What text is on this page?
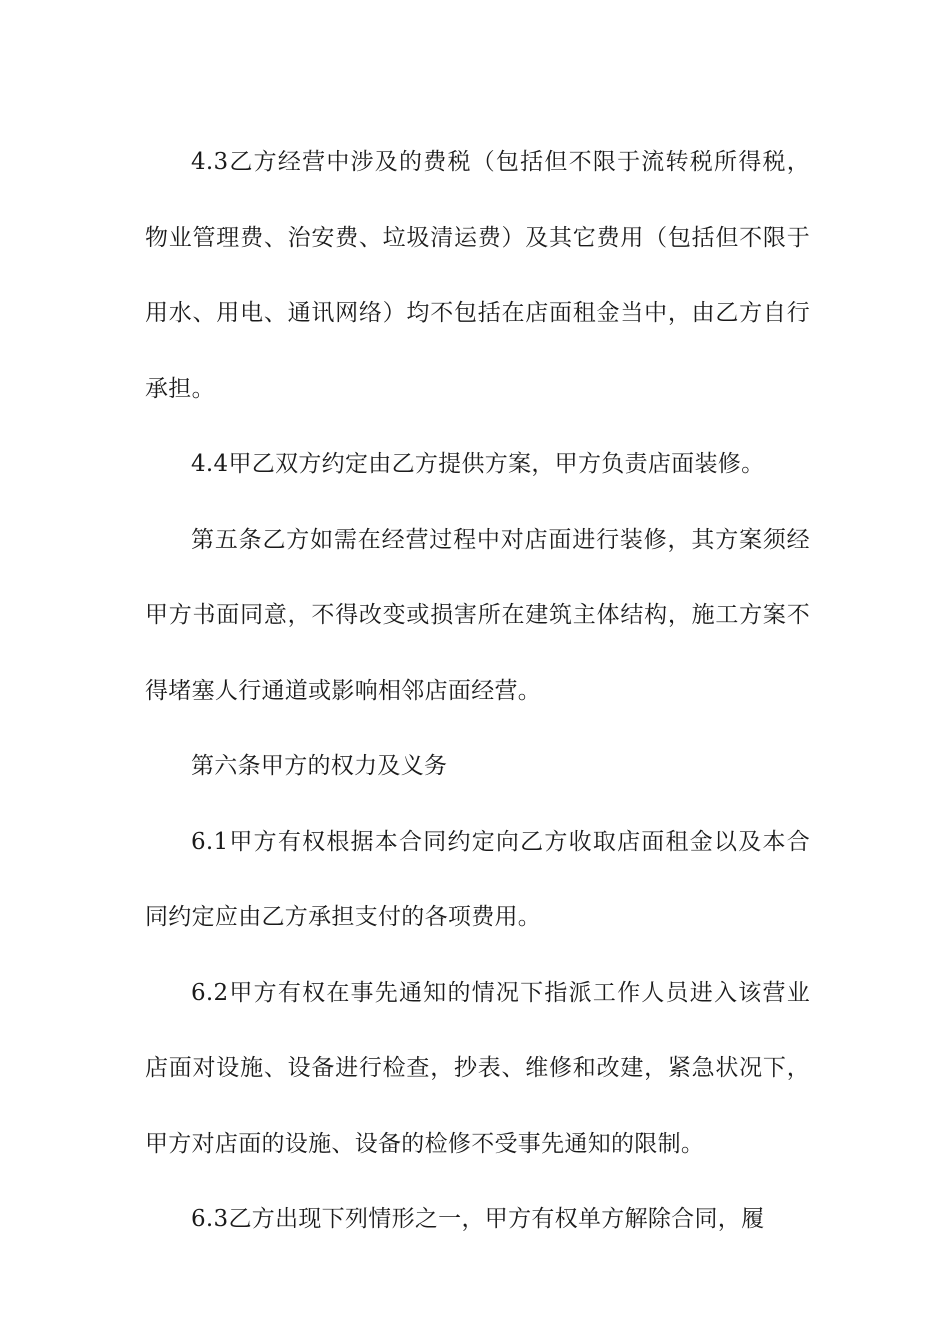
4.3乙方经营中涉及的费税（包括但不限于流转税所得税，物业管理费、治安费、垃圾清运费）及其它费用（包括但不限于用水、用电、通讯网络）均不包括在店面租金当中，由乙方自行承担。

4.4甲乙双方约定由乙方提供方案，甲方负责店面装修。

第五条乙方如需在经营过程中对店面进行装修，其方案须经甲方书面同意，不得改变或损害所在建筑主体结构，施工方案不得堵塞人行通道或影响相邻店面经营。

第六条甲方的权力及义务

6.1甲方有权根据本合同约定向乙方收取店面租金以及本合同约定应由乙方承担支付的各项费用。

6.2甲方有权在事先通知的情况下指派工作人员进入该营业店面对设施、设备进行检查，抄表、维修和改建，紧急状况下，甲方对店面的设施、设备的检修不受事先通知的限制。

6.3乙方出现下列情形之一，甲方有权单方解除合同，履
